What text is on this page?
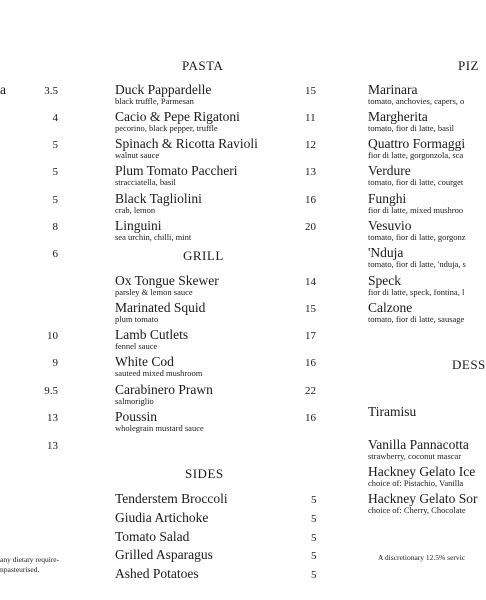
a	3.5
4
5
5
5
8
6
10
9
9.5
13
13
any dietary require-
npasteurised.
PASTA
Duck Pappardelle
black truffle, Parmesan
15
Cacio & Pepe Rigatoni
pecorino, black pepper, truffle
11
Spinach & Ricotta Ravioli
walnut sauce
12
Plum Tomato Paccheri
stracciatella, basil
13
Black Tagliolini
crab, lemon
16
Linguini
sea urchin, chilli, mint
20
GRILL
Ox Tongue Skewer
parsley & lemon sauce
14
Marinated Squid
plum tomato
15
Lamb Cutlets
fennel sauce
17
White Cod
sauteed mixed mushroom
16
Carabinero Prawn
salmoriglio
22
Poussin
wholegrain mustard sauce
16
SIDES
Tenderstem Broccoli	5
Giudia Artichoke	5
Tomato Salad	5
Grilled Asparagus	5
Ashed Potatoes	5
PIZ
Marinara
tomato, anchovies, capers, o
Margherita
tomato, fior di latte, basil
Quattro Formaggi
fior di latte, gorgonzola, sca
Verdure
tomato, fior di latte, courget
Funghi
fior di latte, mixed mushroo
Vesuvio
tomato, fior di latte, gorgonz
'Nduja
tomato, fior di latte, 'nduja, s
Speck
fior di latte, speck, fontina, l
Calzone
tomato, fior di latte, sausage
DESS
Tiramisu
Vanilla Pannacotta
strawberry, coconut mascar
Hackney Gelato Ice
choice of: Pistachio, Vanilla
Hackney Gelato Sor
choice of: Cherry, Chocolate
A discretionary 12.5% servic
